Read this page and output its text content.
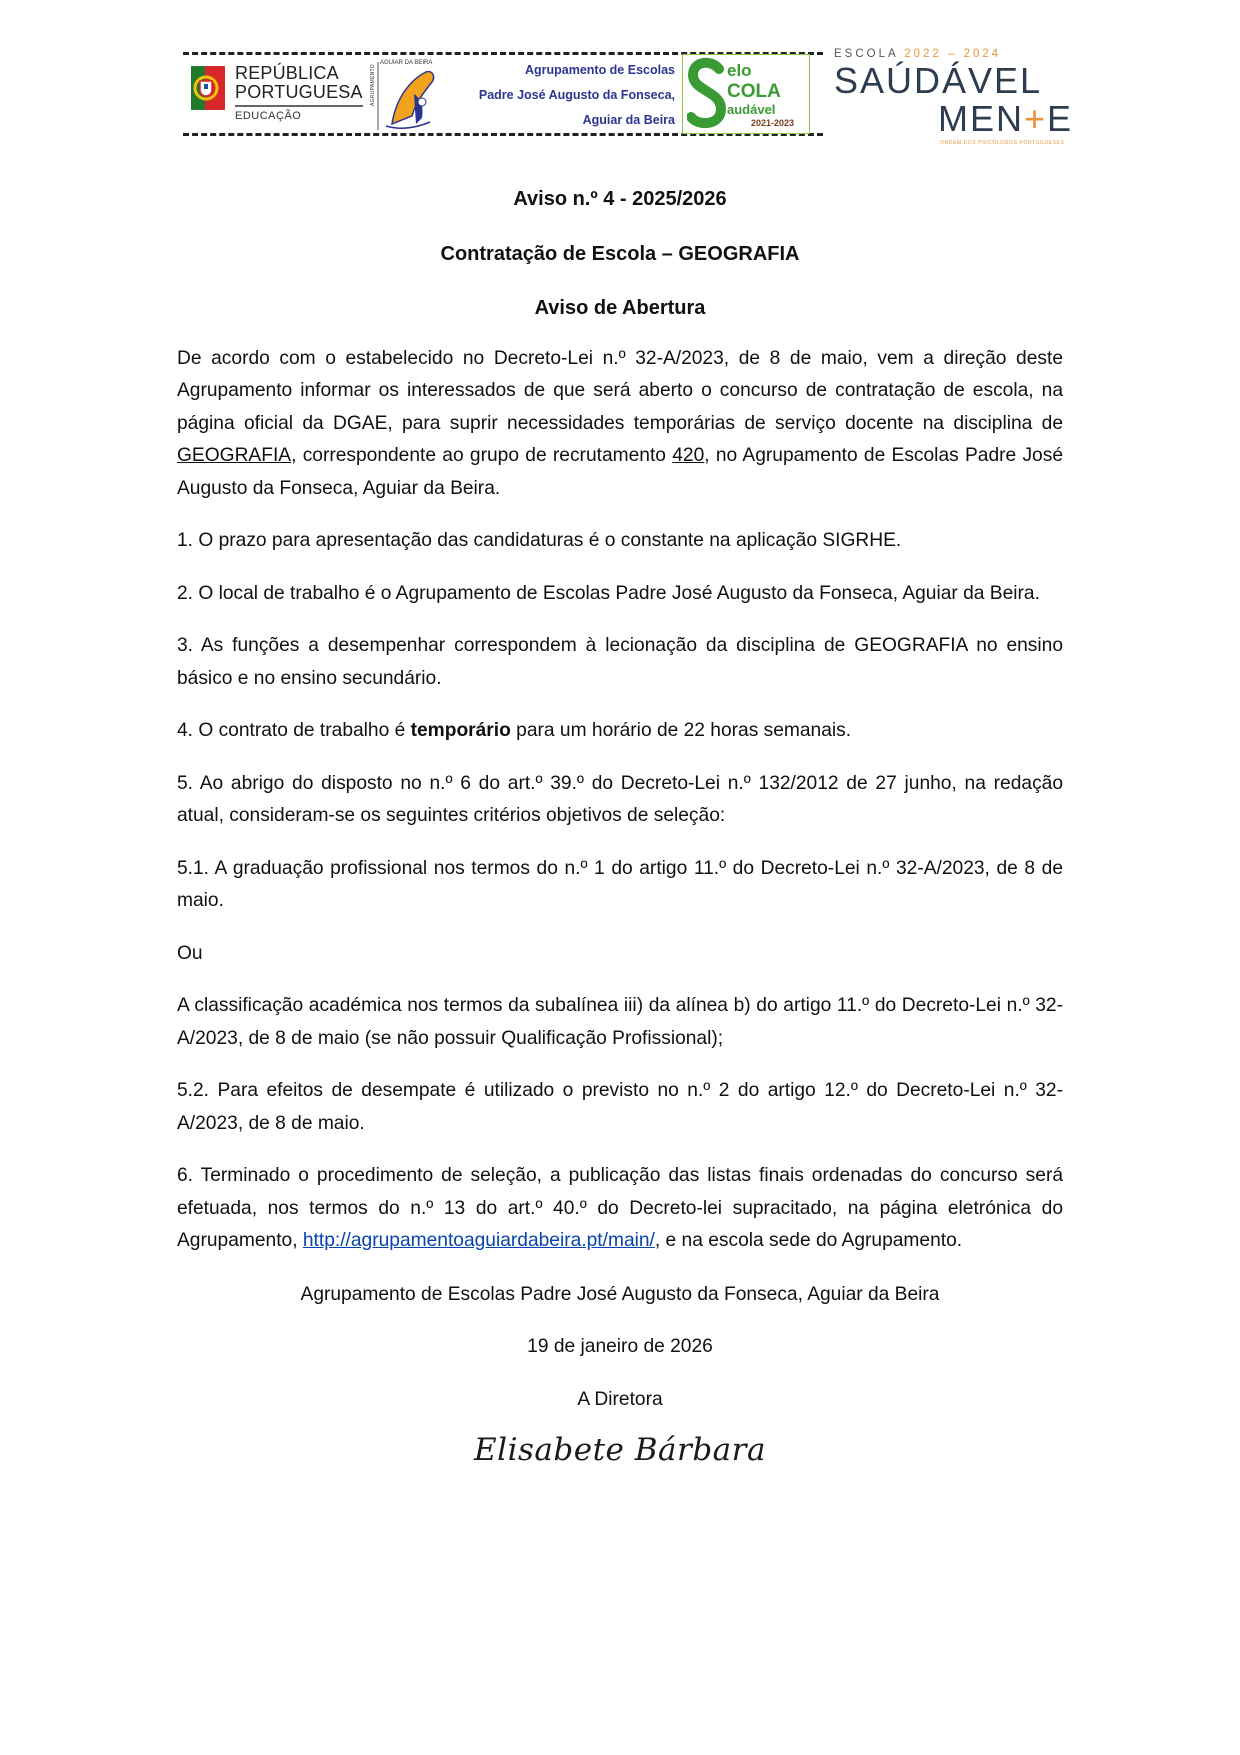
REPÚBLICA
PORTUGUESA
EDUCAÇÃO
AGRUPAMENTO
AGUIAR DA BEIRA	Agrupamento de Escolas
Padre José Augusto da Fonseca,
Aguiar da Beira
elo
COLA
audável
2021-2023
ESCOLA 2022 – 2024
SAÚDÁVEL
MEN+E
ORDEM DOS PSICÓLOGOS PORTUGUESES

Aviso n.º 4 - 2025/2026

Contratação de Escola – GEOGRAFIA

Aviso de Abertura

De acordo com o estabelecido no Decreto-Lei n.º 32-A/2023, de 8 de maio, vem a direção deste Agrupamento informar os interessados de que será aberto o concurso de contratação de escola, na página oficial da DGAE, para suprir necessidades temporárias de serviço docente na disciplina de GEOGRAFIA, correspondente ao grupo de recrutamento 420, no Agrupamento de Escolas Padre José Augusto da Fonseca, Aguiar da Beira.

1. O prazo para apresentação das candidaturas é o constante na aplicação SIGRHE.

2. O local de trabalho é o Agrupamento de Escolas Padre José Augusto da Fonseca, Aguiar da Beira.

3. As funções a desempenhar correspondem à lecionação da disciplina de GEOGRAFIA no ensino básico e no ensino secundário.

4. O contrato de trabalho é temporário para um horário de 22 horas semanais.

5. Ao abrigo do disposto no n.º 6 do art.º 39.º do Decreto-Lei n.º 132/2012 de 27 junho, na redação atual, consideram-se os seguintes critérios objetivos de seleção:

5.1. A graduação profissional nos termos do n.º 1 do artigo 11.º do Decreto-Lei n.º 32-A/2023, de 8 de maio.

Ou

A classificação académica nos termos da subalínea iii) da alínea b) do artigo 11.º do Decreto-Lei n.º 32-A/2023, de 8 de maio (se não possuir Qualificação Profissional);

5.2. Para efeitos de desempate é utilizado o previsto no n.º 2 do artigo 12.º do Decreto-Lei n.º 32-A/2023, de 8 de maio.

6. Terminado o procedimento de seleção, a publicação das listas finais ordenadas do concurso será efetuada, nos termos do n.º 13 do art.º 40.º do Decreto-lei supracitado, na página eletrónica do Agrupamento, http://agrupamentoaguiardabeira.pt/main/, e na escola sede do Agrupamento.

Agrupamento de Escolas Padre José Augusto da Fonseca, Aguiar da Beira

19 de janeiro de 2026

A Diretora

Elisabete Bárbara
